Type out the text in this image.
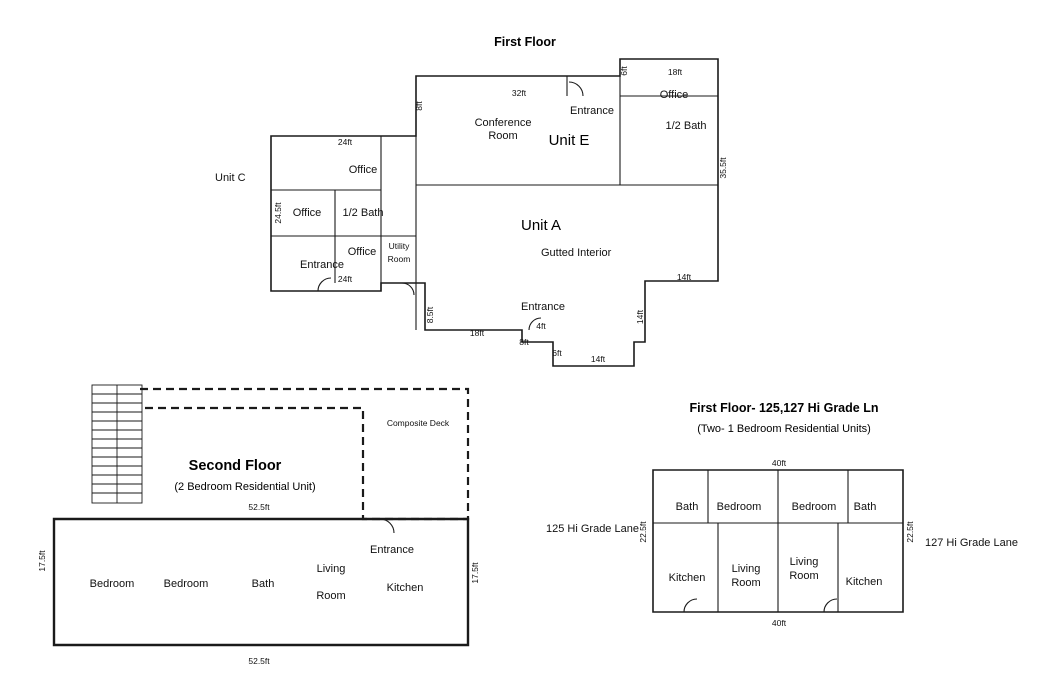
First Floor
Unit C
Unit E
Unit A
Gutted Interior
Office
Office
Office
1/2 Bath
Utility
Room
Entrance
Conference
Room
Entrance
Office
1/2 Bath
Entrance
24ft
24ft
24.5ft
32ft
8ft
6ft	18ft
35.5ft
14ft
14ft
14ft
8.5ft
18ft
4ft
8ft
6ft
Second Floor
(2 Bedroom Residential Unit)
Composite Deck
Entrance
Bedroom	Bedroom	Bath
Living
Room
Kitchen
52.5ft
52.5ft
17.5ft
17.5ft
First Floor- 125,127 Hi Grade Ln
(Two- 1 Bedroom Residential Units)
125 Hi Grade Lane
127 Hi Grade Lane
Bath Bedroom	Bedroom Bath
Kitchen
Living
Room
Living
Room Kitchen
40ft
40ft
22.5ft	22.5ft
